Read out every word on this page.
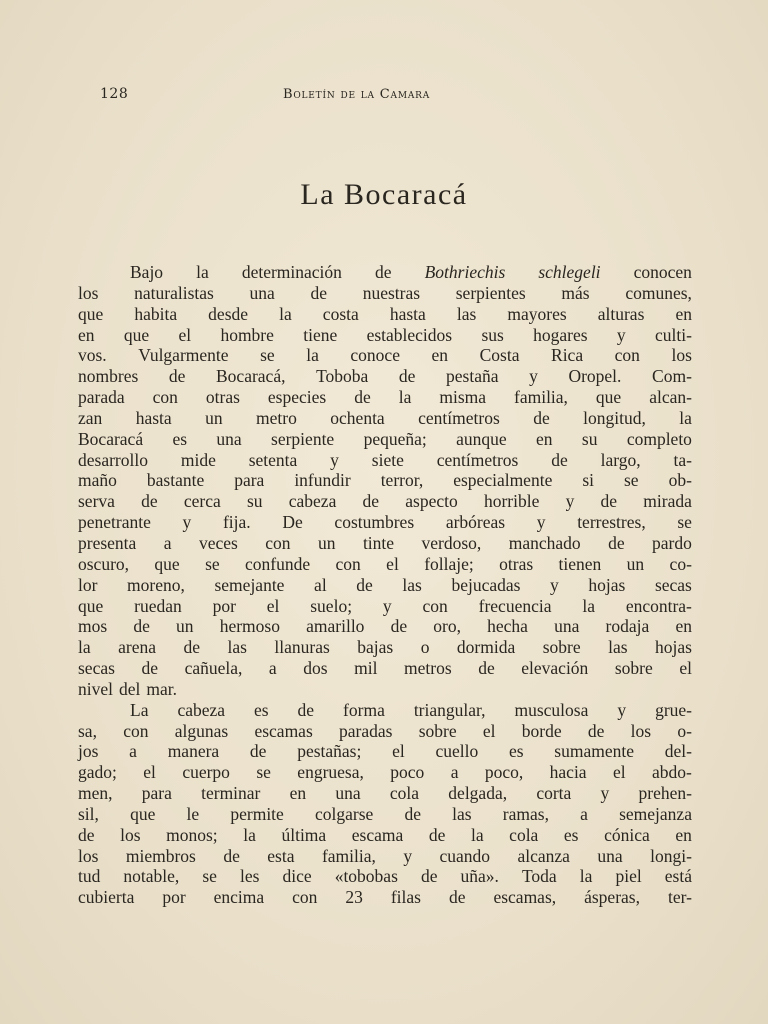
128	Boletín de la Camara
La Bocaracá
Bajo la determinación de Bothriechis schlegeli conocen
los naturalistas una de nuestras serpientes más comunes,
que habita desde la costa hasta las mayores alturas en
en que el hombre tiene establecidos sus hogares y culti-
vos. Vulgarmente se la conoce en Costa Rica con los
nombres de Bocaracá, Toboba de pestaña y Oropel. Com-
parada con otras especies de la misma familia, que alcan-
zan hasta un metro ochenta centímetros de longitud, la
Bocaracá es una serpiente pequeña; aunque en su completo
desarrollo mide setenta y siete centímetros de largo, ta-
maño bastante para infundir terror, especialmente si se ob-
serva de cerca su cabeza de aspecto horrible y de mirada
penetrante y fija. De costumbres arbóreas y terrestres, se
presenta a veces con un tinte verdoso, manchado de pardo
oscuro, que se confunde con el follaje; otras tienen un co-
lor moreno, semejante al de las bejucadas y hojas secas
que ruedan por el suelo; y con frecuencia la encontra-
mos de un hermoso amarillo de oro, hecha una rodaja en
la arena de las llanuras bajas o dormida sobre las hojas
secas de cañuela, a dos mil metros de elevación sobre el
nivel del mar.
La cabeza es de forma triangular, musculosa y grue-
sa, con algunas escamas paradas sobre el borde de los o-
jos a manera de pestañas; el cuello es sumamente del-
gado; el cuerpo se engruesa, poco a poco, hacia el abdo-
men, para terminar en una cola delgada, corta y prehen-
sil, que le permite colgarse de las ramas, a semejanza
de los monos; la última escama de la cola es cónica en
los miembros de esta familia, y cuando alcanza una longi-
tud notable, se les dice «tobobas de uña». Toda la piel está
cubierta por encima con 23 filas de escamas, ásperas, ter-
